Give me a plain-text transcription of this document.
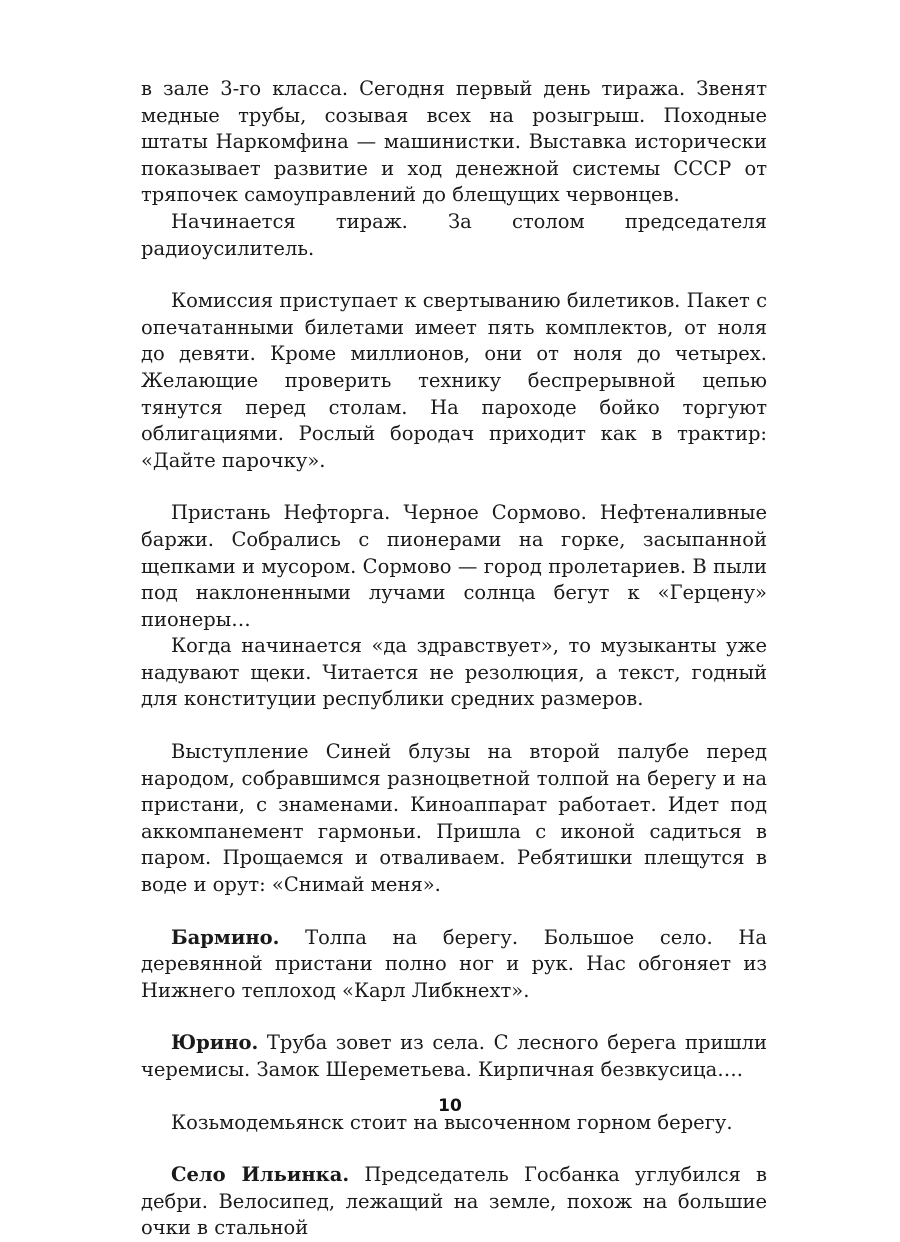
в зале 3-го класса. Сегодня первый день тиража. Звенят медные трубы, созывая всех на розыгрыш. Походные штаты Наркомфина — машинистки. Выставка исторически показывает развитие и ход денежной системы СССР от тряпочек самоуправлений до блещущих червонцев.

Начинается тираж. За столом председателя радиоусилитель.

Комиссия приступает к свертыванию билетиков. Пакет с опечатанными билетами имеет пять комплектов, от ноля до девяти. Кроме миллионов, они от ноля до четырех. Желающие проверить технику беспрерывной цепью тянутся перед столам. На пароходе бойко торгуют облигациями. Рослый бородач приходит как в трактир: «Дайте парочку».

Пристань Нефторга. Черное Сормово. Нефтеналивные баржи. Собрались с пионерами на горке, засыпанной щепками и мусором. Сормово — город пролетариев. В пыли под наклоненными лучами солнца бегут к «Герцену» пионеры…

Когда начинается «да здравствует», то музыканты уже надувают щеки. Читается не резолюция, а текст, годный для конституции республики средних размеров.

Выступление Синей блузы на второй палубе перед народом, собравшимся разноцветной толпой на берегу и на пристани, с знаменами. Киноаппарат работает. Идет под аккомпанемент гармоньи. Пришла с иконой садиться в паром. Прощаемся и отваливаем. Ребятишки плещутся в воде и орут: «Снимай меня».

Бармино. Толпа на берегу. Большое село. На деревянной пристани полно ног и рук. Нас обгоняет из Нижнего теплоход «Карл Либкнехт».

Юрино. Труба зовет из села. С лесного берега пришли черемисы. Замок Шереметьева. Кирпичная безвкусица….

Козьмодемьянск стоит на высоченном горном берегу.

Село Ильинка. Председатель Госбанка углубился в дебри. Велосипед, лежащий на земле, похож на большие очки в стальной

10
